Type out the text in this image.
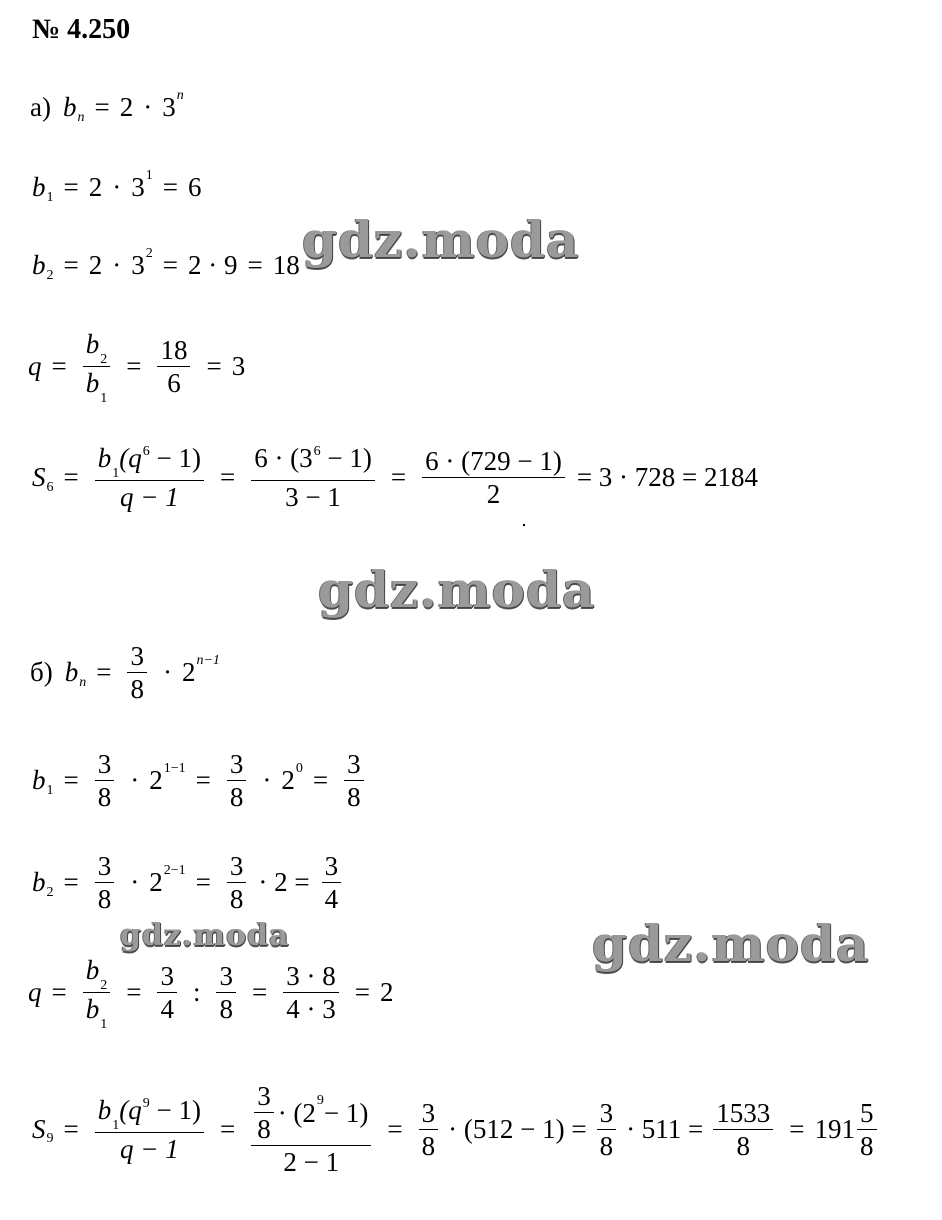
№ 4.250
а) b n = 2 · 3 n
b 1 = 2 · 3 1 = 6
b 2 = 2 · 3 2 = 2 · 9 = 18
$q = \frac{b_2}{b_1} = \frac{18}{6} = 3$
S $6 = \frac{b_1(q^6 - 1)}{q - 1} = \frac{6 \cdot (3^6 - 1)}{3 - 1} = \frac{6 \cdot (729 - 1)}{2} = 3 \cdot 728 = 2184$
б) b $n = \frac{3}{8} \cdot 2$ n−1
b $1 = \frac{3}{8} \cdot 2$ $1-1 = \frac{3}{8} \cdot 2$ $0 = \frac{3}{8}$
b $2 = \frac{3}{8} \cdot 2$ $2-1 = \frac{3}{8} \cdot 2 = \frac{3}{4}$
$q = \frac{b_2}{b_1} = \frac{3}{4}$ : $\frac{3}{8} = \frac{3 \cdot 8}{4 \cdot 3} = 2$
S $9 = \frac{b_1(q^9 - 1)}{q - 1} = \frac{\frac{3}{8} \cdot (2 9 - 1)}{2 - 1} = \frac{3}{8} \cdot (512 - 1) = \frac{3}{8} \cdot 511 = \frac{1533}{8} = 191 \frac{5}{8}$
gdz.moda
gdz.moda
gdz.moda	gdz.moda
